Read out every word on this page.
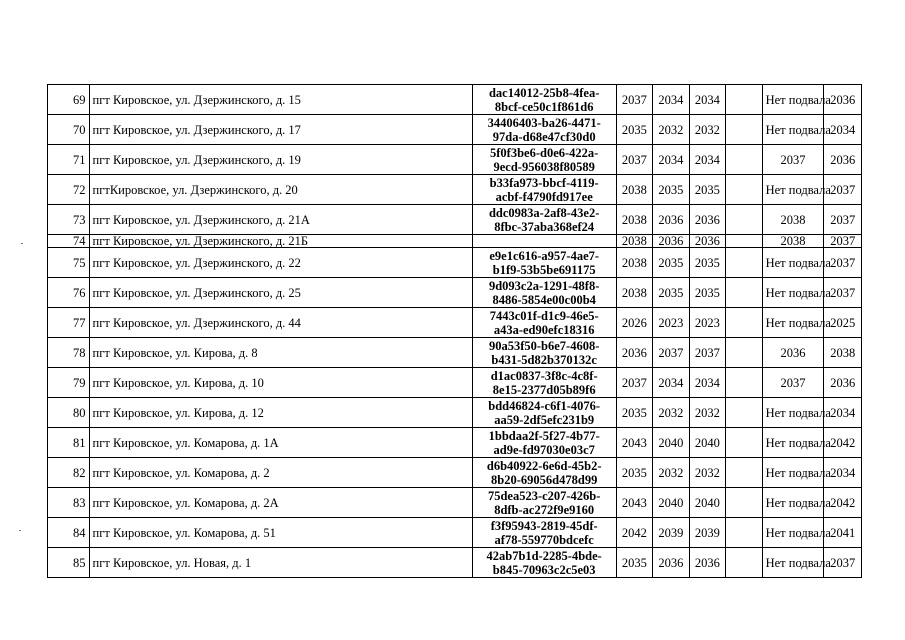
69	пгт Кировское, ул. Дзержинского, д. 15	dac14012-25b8-4fea-
8bcf-ce50c1f861d6	2037	2034	2034		Нет подвала	2036
70	пгт Кировское, ул. Дзержинского, д. 17	34406403-ba26-4471-
97da-d68e47cf30d0	2035	2032	2032		Нет подвала	2034
71	пгт Кировское, ул. Дзержинского, д. 19	5f0f3be6-d0e6-422a-
9ecd-956038f80589	2037	2034	2034		2037	2036
72	пгтКировское, ул. Дзержинского, д. 20	b33fa973-bbcf-4119-
acbf-f4790fd917ee	2038	2035	2035		Нет подвала	2037
73	пгт Кировское, ул. Дзержинского, д. 21А	ddc0983a-2af8-43e2-
8fbc-37aba368ef24	2038	2036	2036		2038	2037
74	пгт Кировское, ул. Дзержинского, д. 21Б		2038	2036	2036		2038	2037
75	пгт Кировское, ул. Дзержинского, д. 22	e9e1c616-a957-4ae7-
b1f9-53b5be691175	2038	2035	2035		Нет подвала	2037
76	пгт Кировское, ул. Дзержинского, д. 25	9d093c2a-1291-48f8-
8486-5854e00c00b4	2038	2035	2035		Нет подвала	2037
77	пгт Кировское, ул. Дзержинского, д. 44	7443c01f-d1c9-46e5-
a43a-ed90efc18316	2026	2023	2023		Нет подвала	2025
78	пгт Кировское, ул. Кирова, д. 8	90a53f50-b6e7-4608-
b431-5d82b370132c	2036	2037	2037		2036	2038
79	пгт Кировское, ул. Кирова, д. 10	d1ac0837-3f8c-4c8f-
8e15-2377d05b89f6	2037	2034	2034		2037	2036
80	пгт Кировское, ул. Кирова, д. 12	bdd46824-c6f1-4076-
aa59-2df5efc231b9	2035	2032	2032		Нет подвала	2034
81	пгт Кировское, ул. Комарова, д. 1А	1bbdaa2f-5f27-4b77-
ad9e-fd97030e03c7	2043	2040	2040		Нет подвала	2042
82	пгт Кировское, ул. Комарова, д. 2	d6b40922-6e6d-45b2-
8b20-69056d478d99	2035	2032	2032		Нет подвала	2034
83	пгт Кировское, ул. Комарова, д. 2А	75dea523-c207-426b-
8dfb-ac272f9e9160	2043	2040	2040		Нет подвала	2042
84	пгт Кировское, ул. Комарова, д. 51	f3f95943-2819-45df-
af78-559770bdcefc	2042	2039	2039		Нет подвала	2041
85	пгт Кировское, ул. Новая, д. 1	42ab7b1d-2285-4bde-
b845-70963c2c5e03	2035	2036	2036		Нет подвала	2037
